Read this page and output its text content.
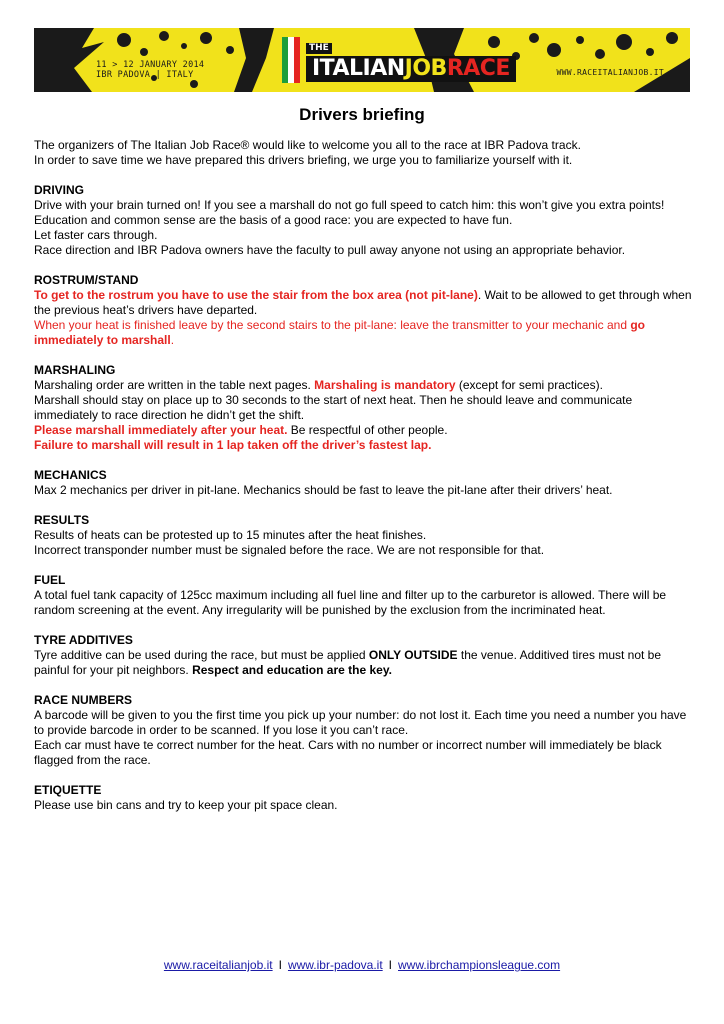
11 > 12 JANUARY 2014
IBR PADOVA | ITALY
THE
ITALIANJOBRACE	WWW.RACEITALIANJOB.IT
Drivers briefing

The organizers of The Italian Job Race® would like to welcome you all to the race at IBR Padova track.

In order to save time we have prepared this drivers briefing, we urge you to familiarize yourself with it.

DRIVING

Drive with your brain turned on! If you see a marshall do not go full speed to catch him: this won’t give you extra points!

Education and common sense are the basis of a good race: you are expected to have fun.

Let faster cars through.

Race direction and IBR Padova owners have the faculty to pull away anyone not using an appropriate behavior.

ROSTRUM/STAND

To get to the rostrum you have to use the stair from the box area (not pit-lane). Wait to be allowed to get through when the previous heat’s drivers have departed.

When your heat is finished leave by the second stairs to the pit-lane: leave the transmitter to your mechanic and go immediately to marshall.

MARSHALING

Marshaling order are written in the table next pages. Marshaling is mandatory (except for semi practices).

Marshall should stay on place up to 30 seconds to the start of next heat. Then he should leave and communicate immediately to race direction he didn’t get the shift.

Please marshall immediately after your heat. Be respectful of other people.

Failure to marshall will result in 1 lap taken off the driver’s fastest lap.

MECHANICS

Max 2 mechanics per driver in pit-lane. Mechanics should be fast to leave the pit-lane after their drivers’ heat.

RESULTS

Results of heats can be protested up to 15 minutes after the heat finishes.

Incorrect transponder number must be signaled before the race. We are not responsible for that.

FUEL

A total fuel tank capacity of 125cc maximum including all fuel line and filter up to the carburetor is allowed. There will be random screening at the event. Any irregularity will be punished by the exclusion from the incriminated heat.

TYRE ADDITIVES

Tyre additive can be used during the race, but must be applied ONLY OUTSIDE the venue. Additived tires must not be painful for your pit neighbors. Respect and education are the key.

RACE NUMBERS

A barcode will be given to you the first time you pick up your number: do not lost it. Each time you need a number you have to provide barcode in order to be scanned. If you lose it you can’t race.

Each car must have te correct number for the heat. Cars with no number or incorrect number will immediately be black flagged from the race.

ETIQUETTE

Please use bin cans and try to keep your pit space clean.

www.raceitalianjob.it I www.ibr-padova.it I www.ibrchampionsleague.com
